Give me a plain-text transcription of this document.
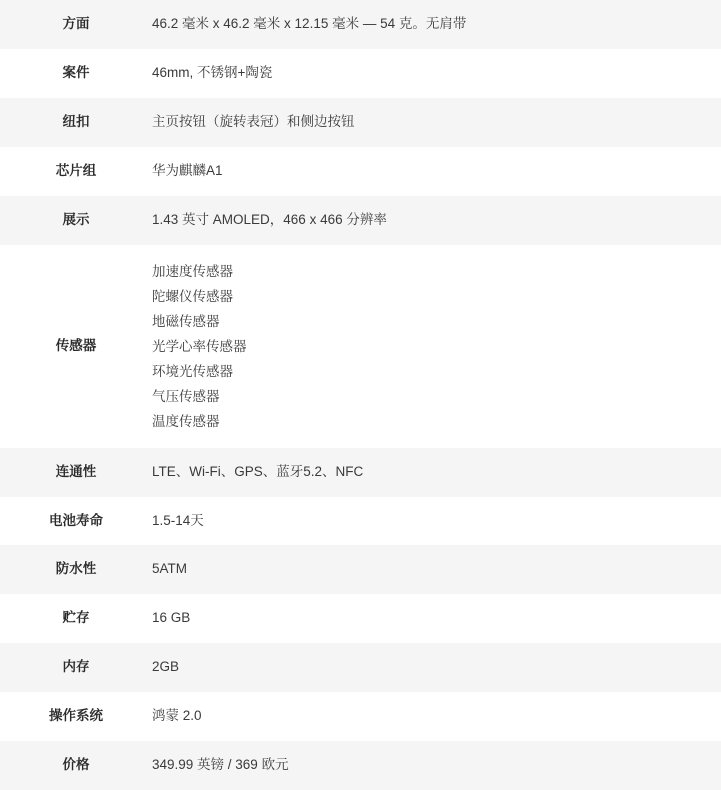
方面	46.2 毫米 x 46.2 毫米 x 12.15 毫米 — 54 克。无肩带

案件	46mm, 不锈钢+陶瓷

纽扣	主页按钮（旋转表冠）和侧边按钮

芯片组	华为麒麟A1

展示	1.43 英寸 AMOLED，466 x 466 分辨率

传感器	
加速度传感器
陀螺仪传感器
地磁传感器
光学心率传感器
环境光传感器
气压传感器
温度传感器

连通性	LTE、Wi-Fi、GPS、蓝牙5.2、NFC

电池寿命	1.5-14天

防水性	5ATM

贮存	16 GB

内存	2GB

操作系统	鸿蒙 2.0

价格	349.99 英镑 / 369 欧元
